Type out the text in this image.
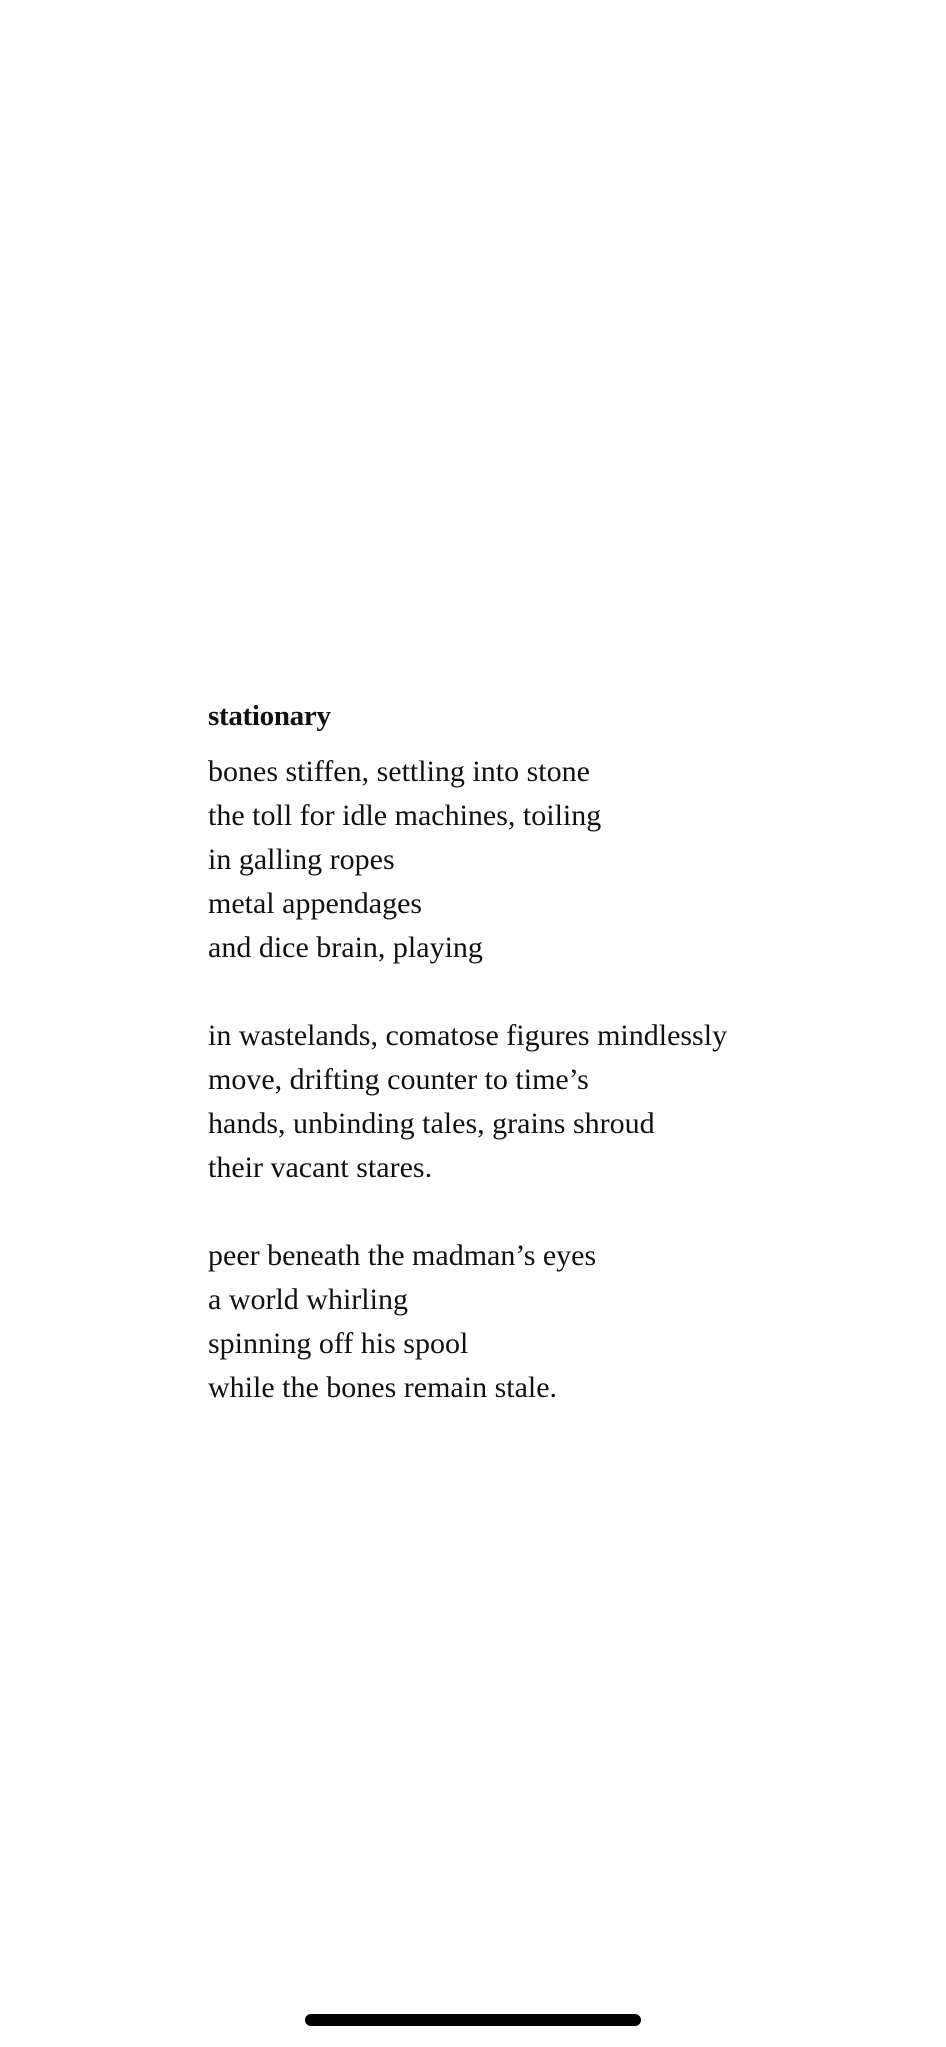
stationary
bones stiffen, settling into stone
the toll for idle machines, toiling
in galling ropes
metal appendages
and dice brain, playing
in wastelands, comatose figures mindlessly
move, drifting counter to time’s
hands, unbinding tales, grains shroud
their vacant stares.
peer beneath the madman’s eyes
a world whirling
spinning off his spool
while the bones remain stale.
